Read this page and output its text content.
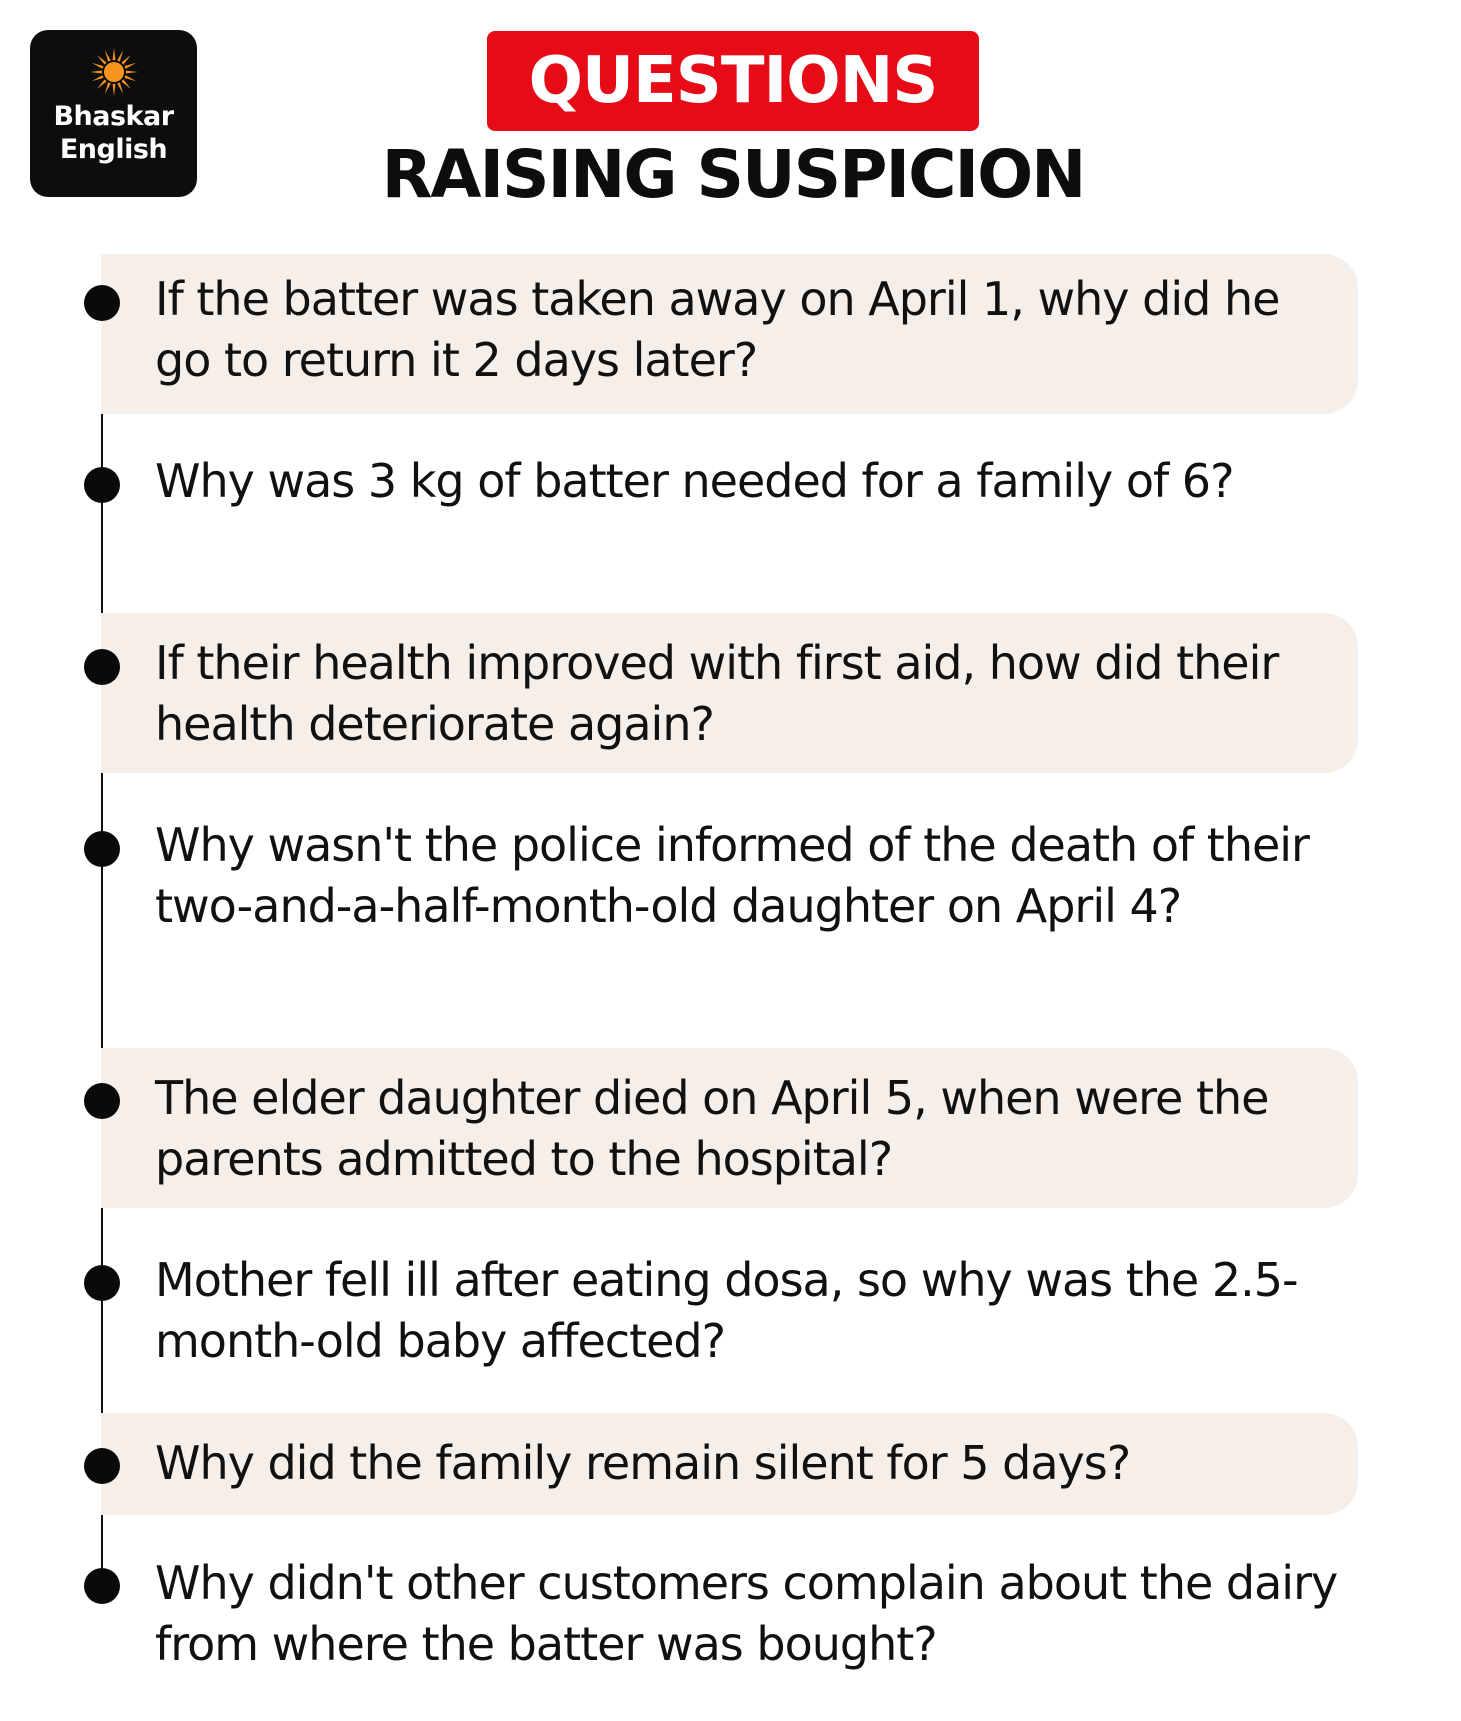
Bhaskar
English
QUESTIONS
RAISING SUSPICION
If the batter was taken away on April 1, why did he go to return it 2 days later?
Why was 3 kg of batter needed for a family of 6?
If their health improved with first aid, how did their health deteriorate again?
Why wasn't the police informed of the death of their two-and-a-half-month-old daughter on April 4?
The elder daughter died on April 5, when were the parents admitted to the hospital?
Mother fell ill after eating dosa, so why was the 2.5-month-old baby affected?
Why did the family remain silent for 5 days?
Why didn't other customers complain about the dairy from where the batter was bought?
